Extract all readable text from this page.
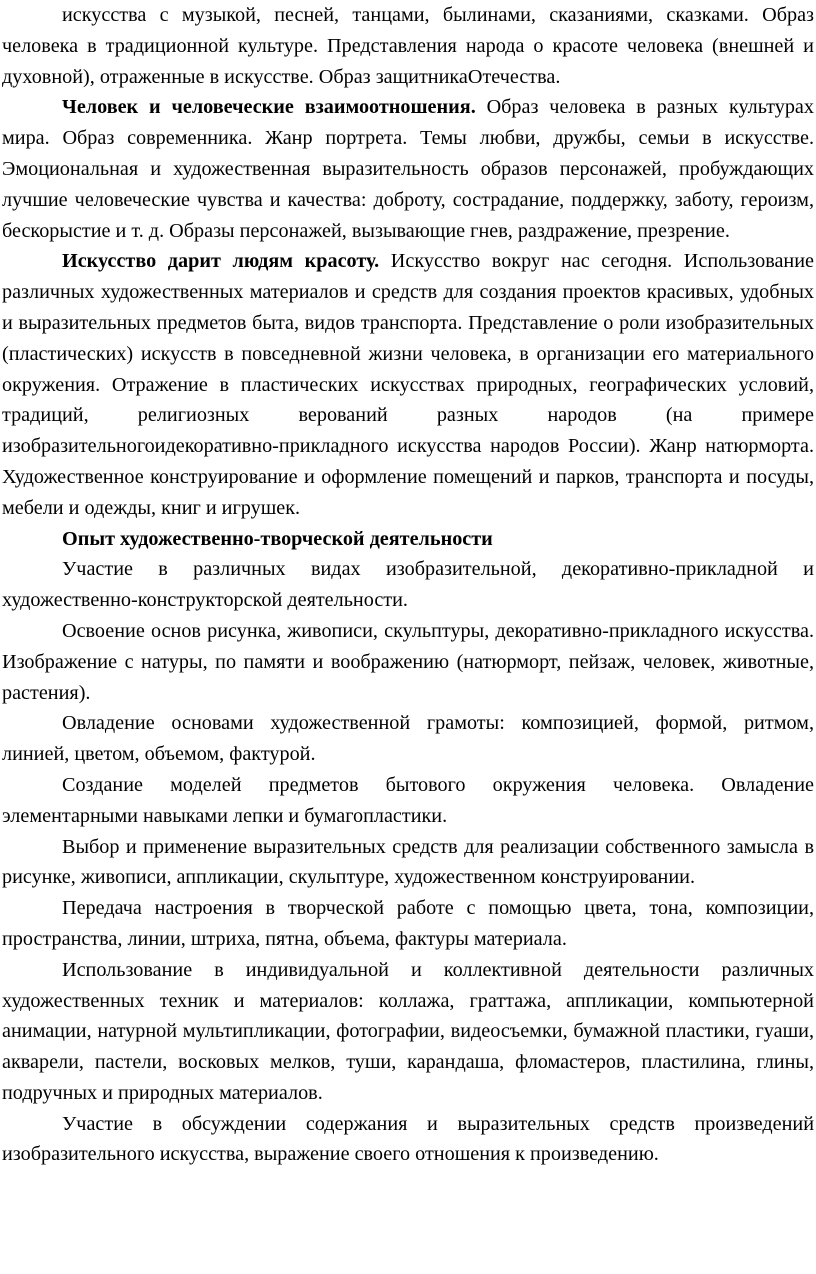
искусства с музыкой, песней, танцами, былинами, сказаниями, сказками. Образ человека в традиционной культуре. Представления народа о красоте человека (внешней и духовной), отраженные в искусстве. Образ защитникаОтечества.

Человек и человеческие взаимоотношения. Образ человека в разных культурах мира. Образ современника. Жанр портрета. Темы любви, дружбы, семьи в искусстве. Эмоциональная и художественная выразительность образов персонажей, пробуждающих лучшие человеческие чувства и качества: доброту, сострадание, поддержку, заботу, героизм, бескорыстие и т. д. Образы персонажей, вызывающие гнев, раздражение, презрение.

Искусство дарит людям красоту. Искусство вокруг нас сегодня. Использование различных художественных материалов и средств для создания проектов красивых, удобных и выразительных предметов быта, видов транспорта. Представление о роли изобразительных (пластических) искусств в повседневной жизни человека, в организации его материального окружения. Отражение в пластических искусствах природных, географических условий, традиций, религиозных верований разных народов (на примере изобразительногоидекоративно-прикладного искусства народов России). Жанр натюрморта. Художественное конструирование и оформление помещений и парков, транспорта и посуды, мебели и одежды, книг и игрушек.

Опыт художественно-творческой деятельности

Участие в различных видах изобразительной, декоративно-прикладной и художественно-конструкторской деятельности.

Освоение основ рисунка, живописи, скульптуры, декоративно-прикладного искусства. Изображение с натуры, по памяти и воображению (натюрморт, пейзаж, человек, животные, растения).

Овладение основами художественной грамоты: композицией, формой, ритмом, линией, цветом, объемом, фактурой.

Создание моделей предметов бытового окружения человека. Овладение элементарными навыками лепки и бумагопластики.

Выбор и применение выразительных средств для реализации собственного замысла в рисунке, живописи, аппликации, скульптуре, художественном конструировании.

Передача настроения в творческой работе с помощью цвета, тона, композиции, пространства, линии, штриха, пятна, объема, фактуры материала.

Использование в индивидуальной и коллективной деятельности различных художественных техник и материалов: коллажа, граттажа, аппликации, компьютерной анимации, натурной мультипликации, фотографии, видеосъемки, бумажной пластики, гуаши, акварели, пастели, восковых мелков, туши, карандаша, фломастеров, пластилина, глины, подручных и природных материалов.

Участие в обсуждении содержания и выразительных средств произведений изобразительного искусства, выражение своего отношения к произведению.
